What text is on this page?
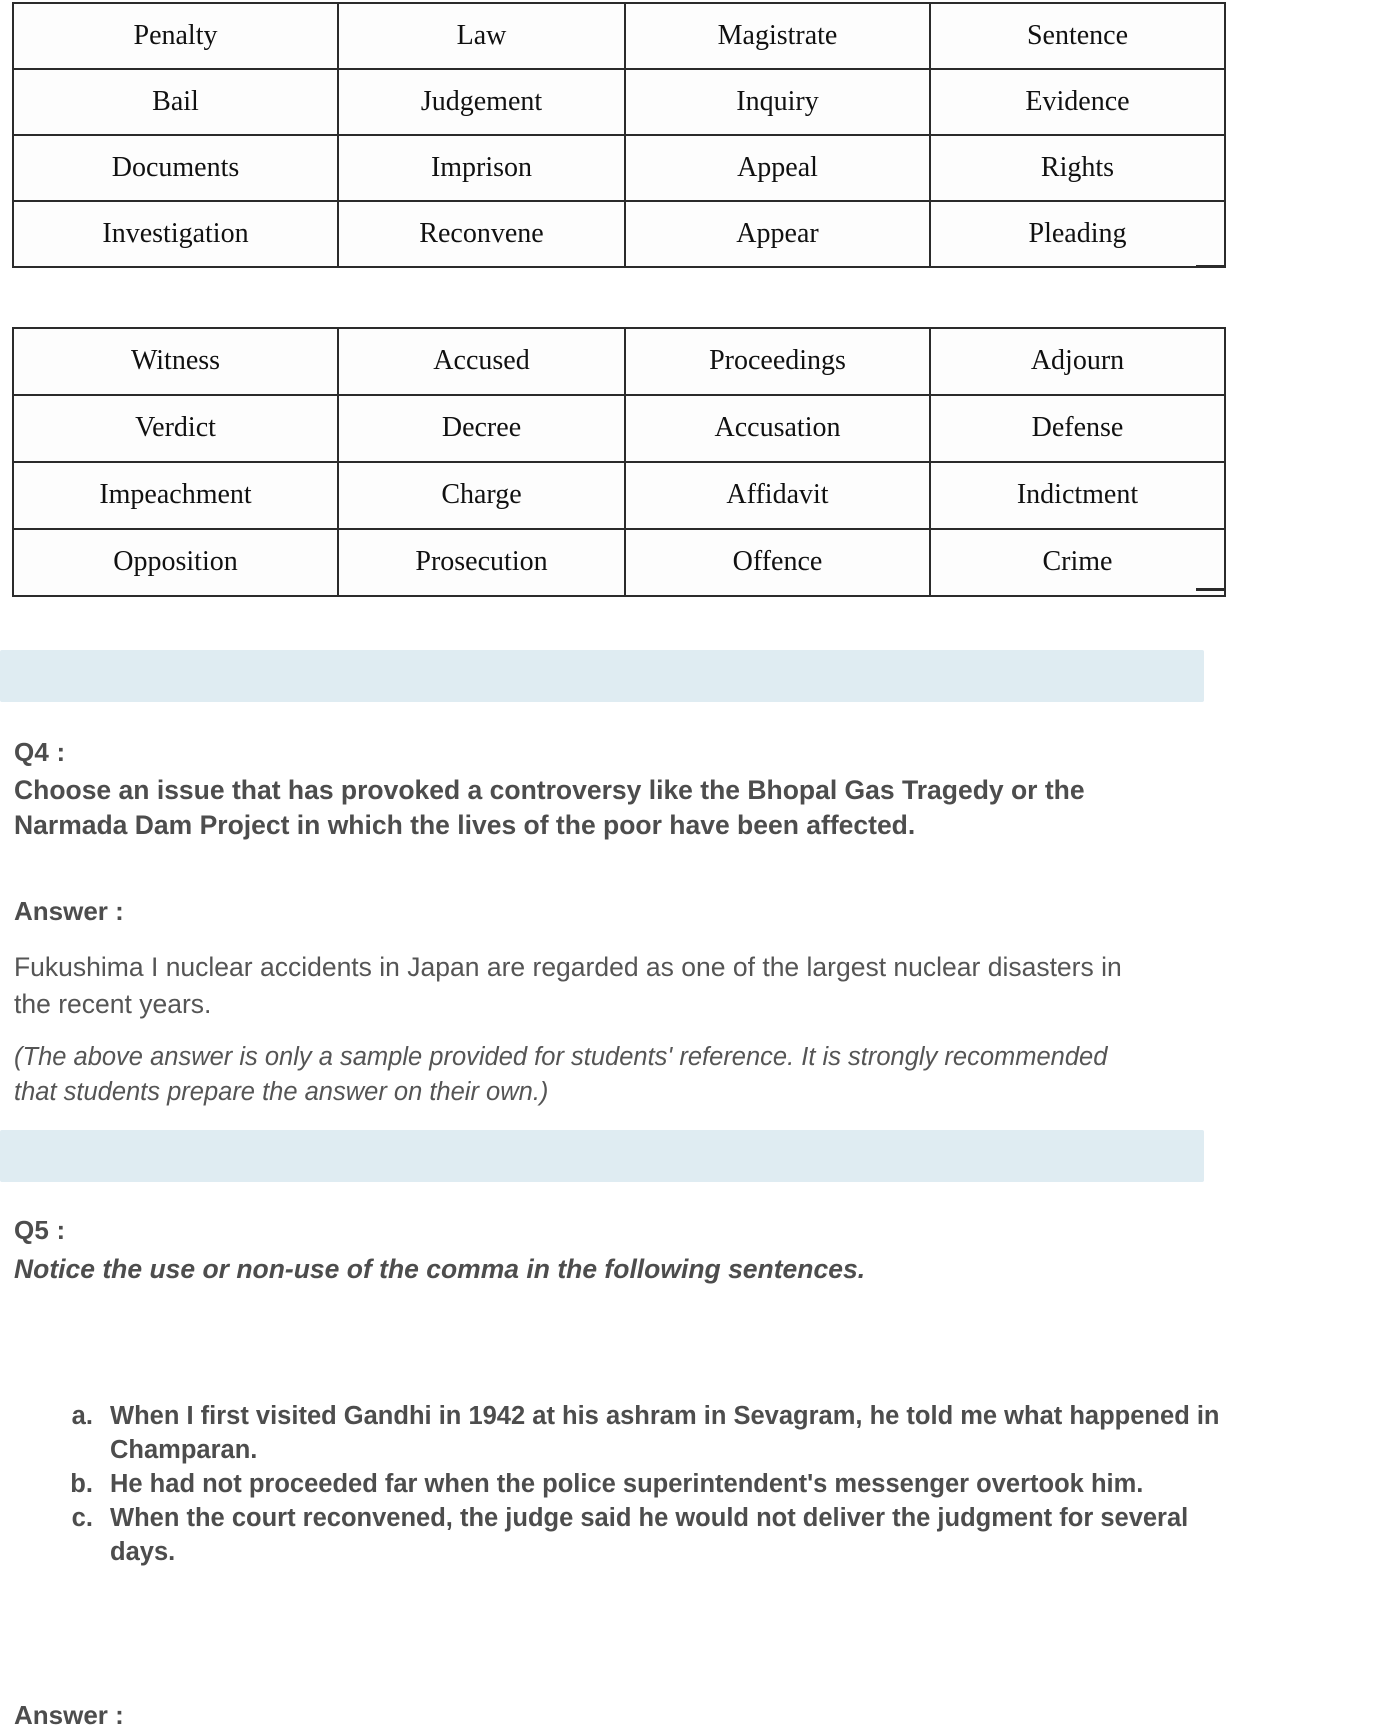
Penalty	Law	Magistrate	Sentence
Bail	Judgement	Inquiry	Evidence
Documents	Imprison	Appeal	Rights
Investigation	Reconvene	Appear	Pleading
Witness	Accused	Proceedings	Adjourn
Verdict	Decree	Accusation	Defense
Impeachment	Charge	Affidavit	Indictment
Opposition	Prosecution	Offence	Crime
Q4 :
Choose an issue that has provoked a controversy like the Bhopal Gas Tragedy or the Narmada Dam Project in which the lives of the poor have been affected.
Answer :
Fukushima I nuclear accidents in Japan are regarded as one of the largest nuclear disasters in the recent years.
(The above answer is only a sample provided for students' reference. It is strongly recommended that students prepare the answer on their own.)
Q5 :
Notice the use or non-use of the comma in the following sentences.
a. When I first visited Gandhi in 1942 at his ashram in Sevagram, he told me what happened in Champaran.
b. He had not proceeded far when the police superintendent's messenger overtook him.
c. When the court reconvened, the judge said he would not deliver the judgment for several days.
Answer :
